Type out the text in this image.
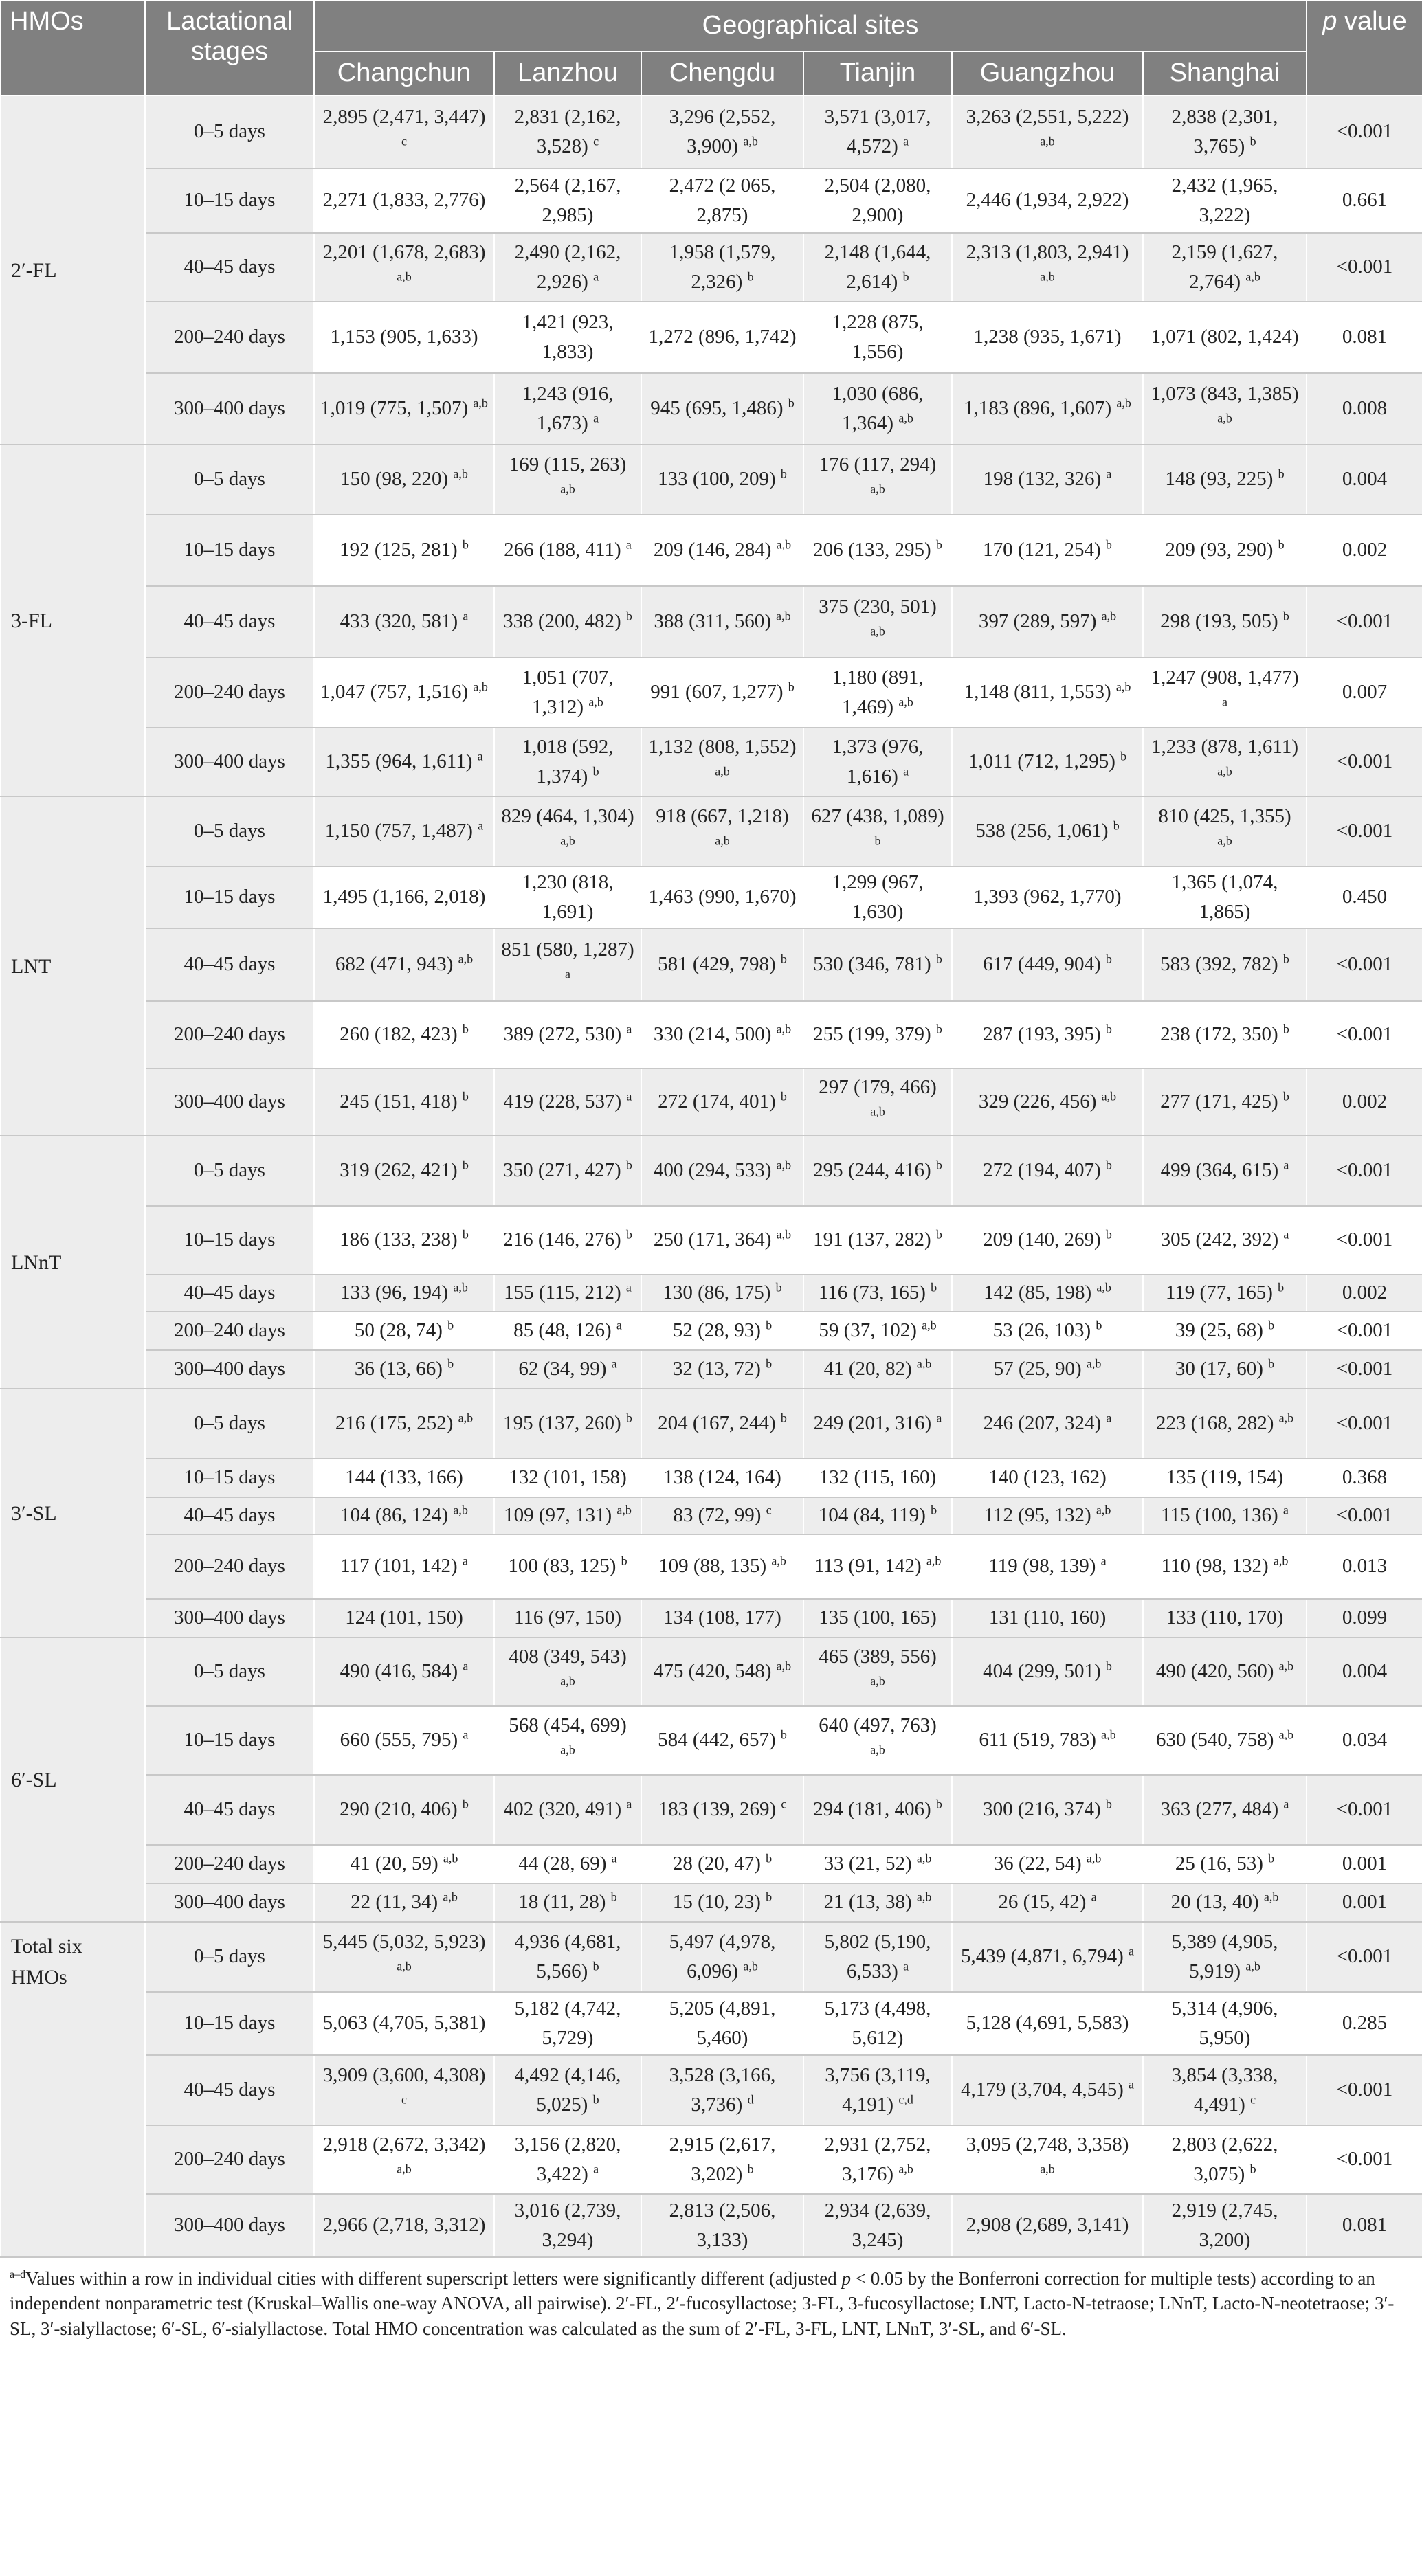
HMOs	Lactational stages	Geographical sites						p value
		Changchun	Lanzhou	Chengdu	Tianjin	Guangzhou	Shanghai	
2′-FL	0–5 days	2,895 (2,471, 3,447) $^c$	2,831 (2,162, 3,528) $^c$	3,296 (2,552, 3,900) $^{a,b}$	3,571 (3,017, 4,572) $^a$	3,263 (2,551, 5,222) $^{a,b}$	2,838 (2,301, 3,765) $^b$	<0.001
	10–15 days	2,271 (1,833, 2,776)	2,564 (2,167, 2,985)	2,472 (2 065, 2,875)	2,504 (2,080, 2,900)	2,446 (1,934, 2,922)	2,432 (1,965, 3,222)	0.661
	40–45 days	2,201 (1,678, 2,683) $^{a,b}$	2,490 (2,162, 2,926) $^a$	1,958 (1,579, 2,326) $^b$	2,148 (1,644, 2,614) $^b$	2,313 (1,803, 2,941) $^{a,b}$	2,159 (1,627, 2,764) $^{a,b}$	<0.001
	200–240 days	1,153 (905, 1,633)	1,421 (923, 1,833)	1,272 (896, 1,742)	1,228 (875, 1,556)	1,238 (935, 1,671)	1,071 (802, 1,424)	0.081
	300–400 days	1,019 (775, 1,507) $^{a,b}$	1,243 (916, 1,673) $^a$	945 (695, 1,486) $^b$	1,030 (686, 1,364) $^{a,b}$	1,183 (896, 1,607) $^{a,b}$	1,073 (843, 1,385) $^{a,b}$	0.008
3-FL	0–5 days	150 (98, 220) $^{a,b}$	169 (115, 263) $^{a,b}$	133 (100, 209) $^b$	176 (117, 294) $^{a,b}$	198 (132, 326) $^a$	148 (93, 225) $^b$	0.004
	10–15 days	192 (125, 281) $^b$	266 (188, 411) $^a$	209 (146, 284) $^{a,b}$	206 (133, 295) $^b$	170 (121, 254) $^b$	209 (93, 290) $^b$	0.002
	40–45 days	433 (320, 581) $^a$	338 (200, 482) $^b$	388 (311, 560) $^{a,b}$	375 (230, 501) $^{a,b}$	397 (289, 597) $^{a,b}$	298 (193, 505) $^b$	<0.001
	200–240 days	1,047 (757, 1,516) $^{a,b}$	1,051 (707, 1,312) $^{a,b}$	991 (607, 1,277) $^b$	1,180 (891, 1,469) $^{a,b}$	1,148 (811, 1,553) $^{a,b}$	1,247 (908, 1,477) $^a$	0.007
	300–400 days	1,355 (964, 1,611) $^a$	1,018 (592, 1,374) $^b$	1,132 (808, 1,552) $^{a,b}$	1,373 (976, 1,616) $^a$	1,011 (712, 1,295) $^b$	1,233 (878, 1,611) $^{a,b}$	<0.001
LNT	0–5 days	1,150 (757, 1,487) $^a$	829 (464, 1,304) $^{a,b}$	918 (667, 1,218) $^{a,b}$	627 (438, 1,089) $^b$	538 (256, 1,061) $^b$	810 (425, 1,355) $^{a,b}$	<0.001
	10–15 days	1,495 (1,166, 2,018)	1,230 (818, 1,691)	1,463 (990, 1,670)	1,299 (967, 1,630)	1,393 (962, 1,770)	1,365 (1,074, 1,865)	0.450
	40–45 days	682 (471, 943) $^{a,b}$	851 (580, 1,287) $^a$	581 (429, 798) $^b$	530 (346, 781) $^b$	617 (449, 904) $^b$	583 (392, 782) $^b$	<0.001
	200–240 days	260 (182, 423) $^b$	389 (272, 530) $^a$	330 (214, 500) $^{a,b}$	255 (199, 379) $^b$	287 (193, 395) $^b$	238 (172, 350) $^b$	<0.001
	300–400 days	245 (151, 418) $^b$	419 (228, 537) $^a$	272 (174, 401) $^b$	297 (179, 466) $^{a,b}$	329 (226, 456) $^{a,b}$	277 (171, 425) $^b$	0.002
LNnT	0–5 days	319 (262, 421) $^b$	350 (271, 427) $^b$	400 (294, 533) $^{a,b}$	295 (244, 416) $^b$	272 (194, 407) $^b$	499 (364, 615) $^a$	<0.001
	10–15 days	186 (133, 238) $^b$	216 (146, 276) $^b$	250 (171, 364) $^{a,b}$	191 (137, 282) $^b$	209 (140, 269) $^b$	305 (242, 392) $^a$	<0.001
	40–45 days	133 (96, 194) $^{a,b}$	155 (115, 212) $^a$	130 (86, 175) $^b$	116 (73, 165) $^b$	142 (85, 198) $^{a,b}$	119 (77, 165) $^b$	0.002
	200–240 days	50 (28, 74) $^b$	85 (48, 126) $^a$	52 (28, 93) $^b$	59 (37, 102) $^{a,b}$	53 (26, 103) $^b$	39 (25, 68) $^b$	<0.001
	300–400 days	36 (13, 66) $^b$	62 (34, 99) $^a$	32 (13, 72) $^b$	41 (20, 82) $^{a,b}$	57 (25, 90) $^{a,b}$	30 (17, 60) $^b$	<0.001
3′-SL	0–5 days	216 (175, 252) $^{a,b}$	195 (137, 260) $^b$	204 (167, 244) $^b$	249 (201, 316) $^a$	246 (207, 324) $^a$	223 (168, 282) $^{a,b}$	<0.001
	10–15 days	144 (133, 166)	132 (101, 158)	138 (124, 164)	132 (115, 160)	140 (123, 162)	135 (119, 154)	0.368
	40–45 days	104 (86, 124) $^{a,b}$	109 (97, 131) $^{a,b}$	83 (72, 99) $^c$	104 (84, 119) $^b$	112 (95, 132) $^{a,b}$	115 (100, 136) $^a$	<0.001
	200–240 days	117 (101, 142) $^a$	100 (83, 125) $^b$	109 (88, 135) $^{a,b}$	113 (91, 142) $^{a,b}$	119 (98, 139) $^a$	110 (98, 132) $^{a,b}$	0.013
	300–400 days	124 (101, 150)	116 (97, 150)	134 (108, 177)	135 (100, 165)	131 (110, 160)	133 (110, 170)	0.099
6′-SL	0–5 days	490 (416, 584) $^a$	408 (349, 543) $^{a,b}$	475 (420, 548) $^{a,b}$	465 (389, 556) $^{a,b}$	404 (299, 501) $^b$	490 (420, 560) $^{a,b}$	0.004
	10–15 days	660 (555, 795) $^a$	568 (454, 699) $^{a,b}$	584 (442, 657) $^b$	640 (497, 763) $^{a,b}$	611 (519, 783) $^{a,b}$	630 (540, 758) $^{a,b}$	0.034
	40–45 days	290 (210, 406) $^b$	402 (320, 491) $^a$	183 (139, 269) $^c$	294 (181, 406) $^b$	300 (216, 374) $^b$	363 (277, 484) $^a$	<0.001
	200–240 days	41 (20, 59) $^{a,b}$	44 (28, 69) $^a$	28 (20, 47) $^b$	33 (21, 52) $^{a,b}$	36 (22, 54) $^{a,b}$	25 (16, 53) $^b$	0.001
	300–400 days	22 (11, 34) $^{a,b}$	18 (11, 28) $^b$	15 (10, 23) $^b$	21 (13, 38) $^{a,b}$	26 (15, 42) $^a$	20 (13, 40) $^{a,b}$	0.001
Total six HMOs	0–5 days	5,445 (5,032, 5,923) $^{a,b}$	4,936 (4,681, 5,566) $^b$	5,497 (4,978, 6,096) $^{a,b}$	5,802 (5,190, 6,533) $^a$	5,439 (4,871, 6,794) $^a$	5,389 (4,905, 5,919) $^{a,b}$	<0.001
	10–15 days	5,063 (4,705, 5,381)	5,182 (4,742, 5,729)	5,205 (4,891, 5,460)	5,173 (4,498, 5,612)	5,128 (4,691, 5,583)	5,314 (4,906, 5,950)	0.285
	40–45 days	3,909 (3,600, 4,308) $^c$	4,492 (4,146, 5,025) $^b$	3,528 (3,166, 3,736) $^d$	3,756 (3,119, 4,191) $^{c,d}$	4,179 (3,704, 4,545) $^a$	3,854 (3,338, 4,491) $^c$	<0.001
	200–240 days	2,918 (2,672, 3,342) $^{a,b}$	3,156 (2,820, 3,422) $^a$	2,915 (2,617, 3,202) $^b$	2,931 (2,752, 3,176) $^{a,b}$	3,095 (2,748, 3,358) $^{a,b}$	2,803 (2,622, 3,075) $^b$	<0.001
	300–400 days	2,966 (2,718, 3,312)	3,016 (2,739, 3,294)	2,813 (2,506, 3,133)	2,934 (2,639, 3,245)	2,908 (2,689, 3,141)	2,919 (2,745, 3,200)	0.081
$^{a-d}$Values within a row in individual cities with different superscript letters were significantly different (adjusted p < 0.05 by the Bonferroni correction for multiple tests) according to an independent nonparametric test (Kruskal–Wallis one-way ANOVA, all pairwise). 2′-FL, 2′-fucosyllactose; 3-FL, 3-fucosyllactose; LNT, Lacto-N-tetraose; LNnT, Lacto-N-neotetraose; 3′-SL, 3′-sialyllactose; 6′-SL, 6′-sialyllactose. Total HMO concentration was calculated as the sum of 2′-FL, 3-FL, LNT, LNnT, 3′-SL, and 6′-SL.
